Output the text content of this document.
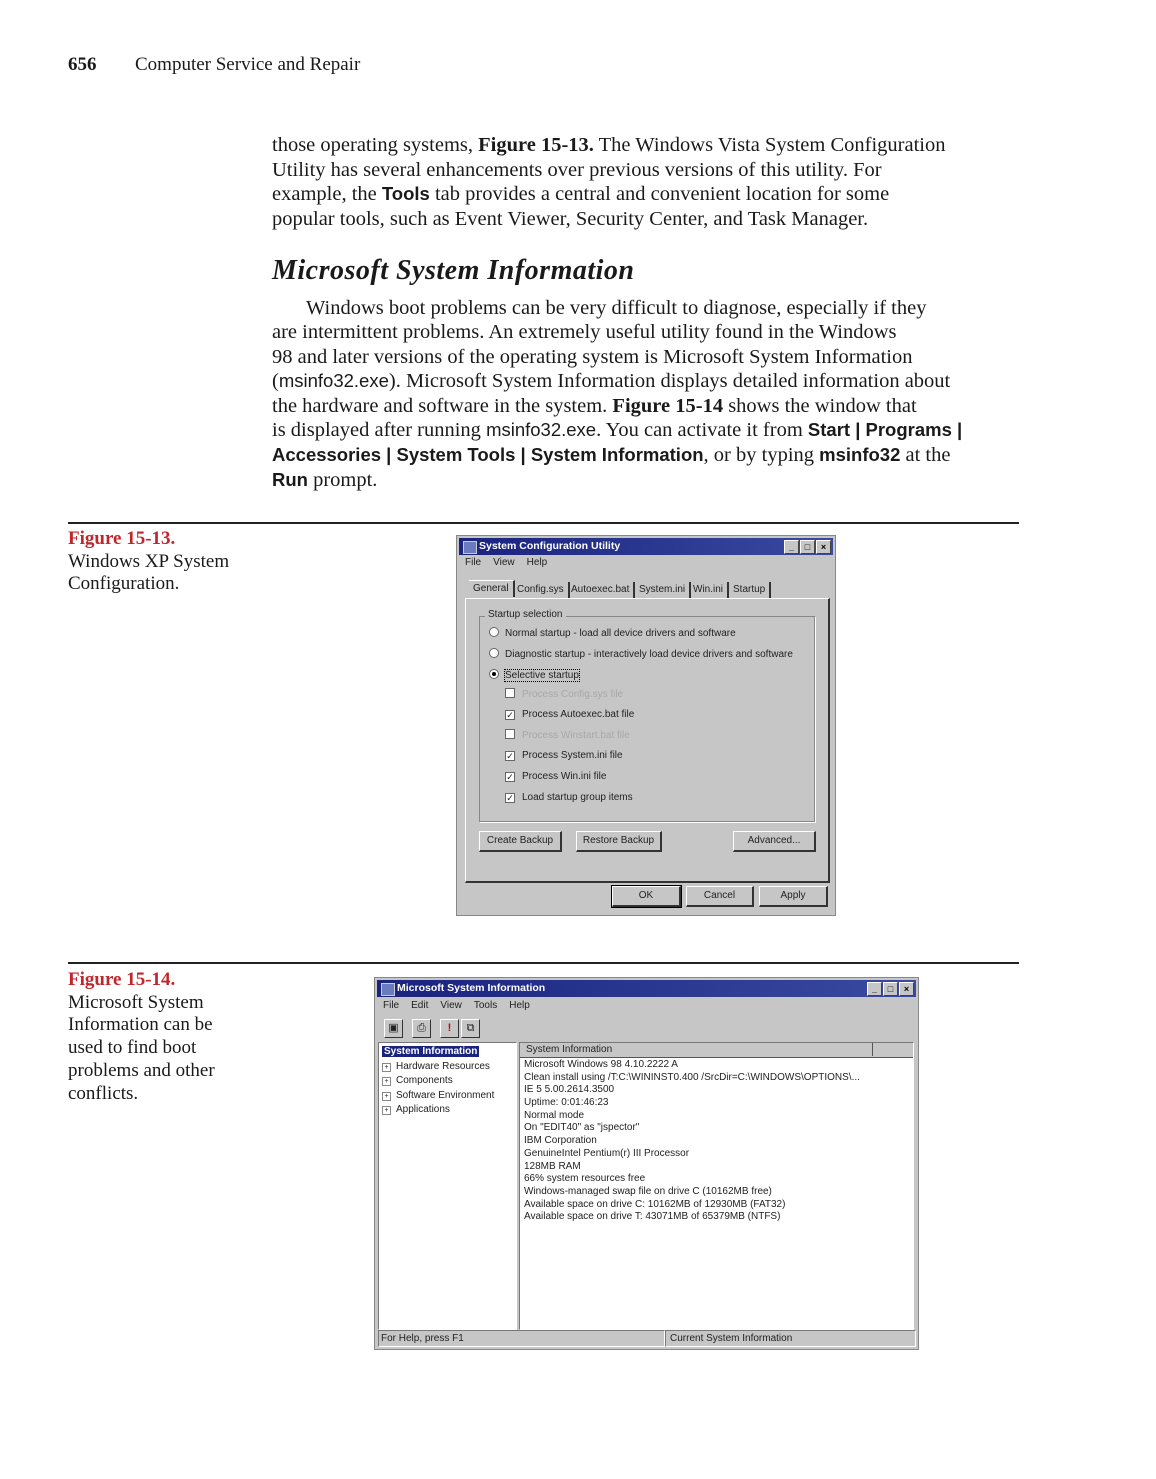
656 Computer Service and Repair
those operating systems, Figure 15-13. The Windows Vista System Configuration
Utility has several enhancements over previous versions of this utility. For
example, the Tools tab provides a central and convenient location for some
popular tools, such as Event Viewer, Security Center, and Task Manager.
Microsoft System Information
Windows boot problems can be very difficult to diagnose, especially if they
are intermittent problems. An extremely useful utility found in the Windows
98 and later versions of the operating system is Microsoft System Information
(msinfo32.exe). Microsoft System Information displays detailed information about
the hardware and software in the system. Figure 15-14 shows the window that
is displayed after running msinfo32.exe. You can activate it from Start | Programs |
Accessories | System Tools | System Information, or by typing msinfo32 at the
Run prompt.
Figure 15-13.
Windows XP System
Configuration.
System Configuration Utility	_	□	×
File View Help
General Config.sys Autoexec.bat System.ini Win.ini Startup
Startup selection
Normal startup - load all device drivers and software
Diagnostic startup - interactively load device drivers and software
Selective startup
Process Config.sys file
✓ Process Autoexec.bat file
Process Winstart.bat file
✓ Process System.ini file
✓ Process Win.ini file
✓ Load startup group items
Create Backup	Restore Backup	Advanced...
OK	Cancel	Apply
Figure 15-14.
Microsoft System
Information can be
used to find boot
problems and other
conflicts.
Microsoft System Information	_	□	×
File Edit View Tools Help
▣	⎙	!	⧉
System Information
+ Hardware Resources
+ Components
+ Software Environment
+ Applications
System Information
Microsoft Windows 98 4.10.2222 A
Clean install using /T:C:\WININST0.400 /SrcDir=C:\WINDOWS\OPTIONS\...
IE 5 5.00.2614.3500
Uptime: 0:01:46:23
Normal mode
On "EDIT40" as "jspector"
IBM Corporation
GenuineIntel Pentium(r) III Processor
128MB RAM
66% system resources free
Windows-managed swap file on drive C (10162MB free)
Available space on drive C: 10162MB of 12930MB (FAT32)
Available space on drive T: 43071MB of 65379MB (NTFS)
For Help, press F1	Current System Information
